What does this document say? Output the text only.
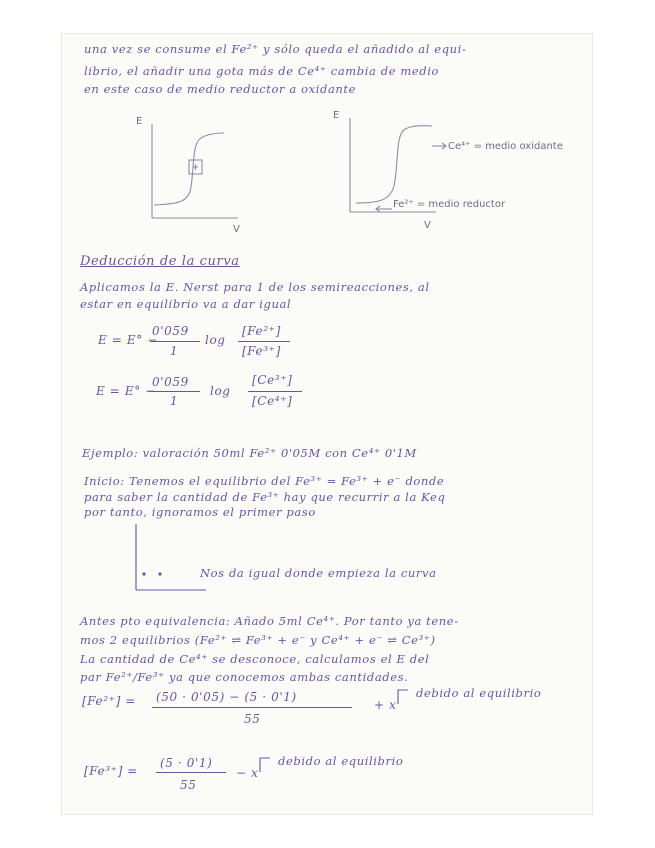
una vez se consume el Fe²⁺ y sólo queda el añadido al equi-
librio, el añadir una gota más de Ce⁴⁺ cambia de medio
en este caso de medio reductor a oxidante
E
V
E
V
Ce⁴⁺ = medio oxidante
Fe²⁺ = medio reductor
Deducción de la curva
Aplicamos la E. Nerst para 1 de los semireacciones, al
estar en equilibrio va a dar igual
E = E° −
0'059
1
log
[Fe²⁺]
[Fe³⁺]
E = E° −
0'059
1
log
[Ce³⁺]
[Ce⁴⁺]
Ejemplo: valoración 50ml Fe²⁺ 0'05M con Ce⁴⁺ 0'1M
Inicio: Tenemos el equilibrio del Fe³⁺ = Fe³⁺ + e⁻ donde
para saber la cantidad de Fe³⁺ hay que recurrir a la Keq
por tanto, ignoramos el primer paso
Nos da igual donde empieza la curva
Antes pto equivalencia: Añado 5ml Ce⁴⁺. Por tanto ya tene-
mos 2 equilibrios (Fe²⁺ ⇌ Fe³⁺ + e⁻ y Ce⁴⁺ + e⁻ ⇌ Ce³⁺)
La cantidad de Ce⁴⁺ se desconoce, calculamos el E del
par Fe²⁺/Fe³⁺ ya que conocemos ambas cantidades.
[Fe²⁺] = (50 · 0'05) − (5 · 0'1)
55
+ x
debido al equilibrio
[Fe³⁺] =
(5 · 0'1)
55
− x
debido al equilibrio
